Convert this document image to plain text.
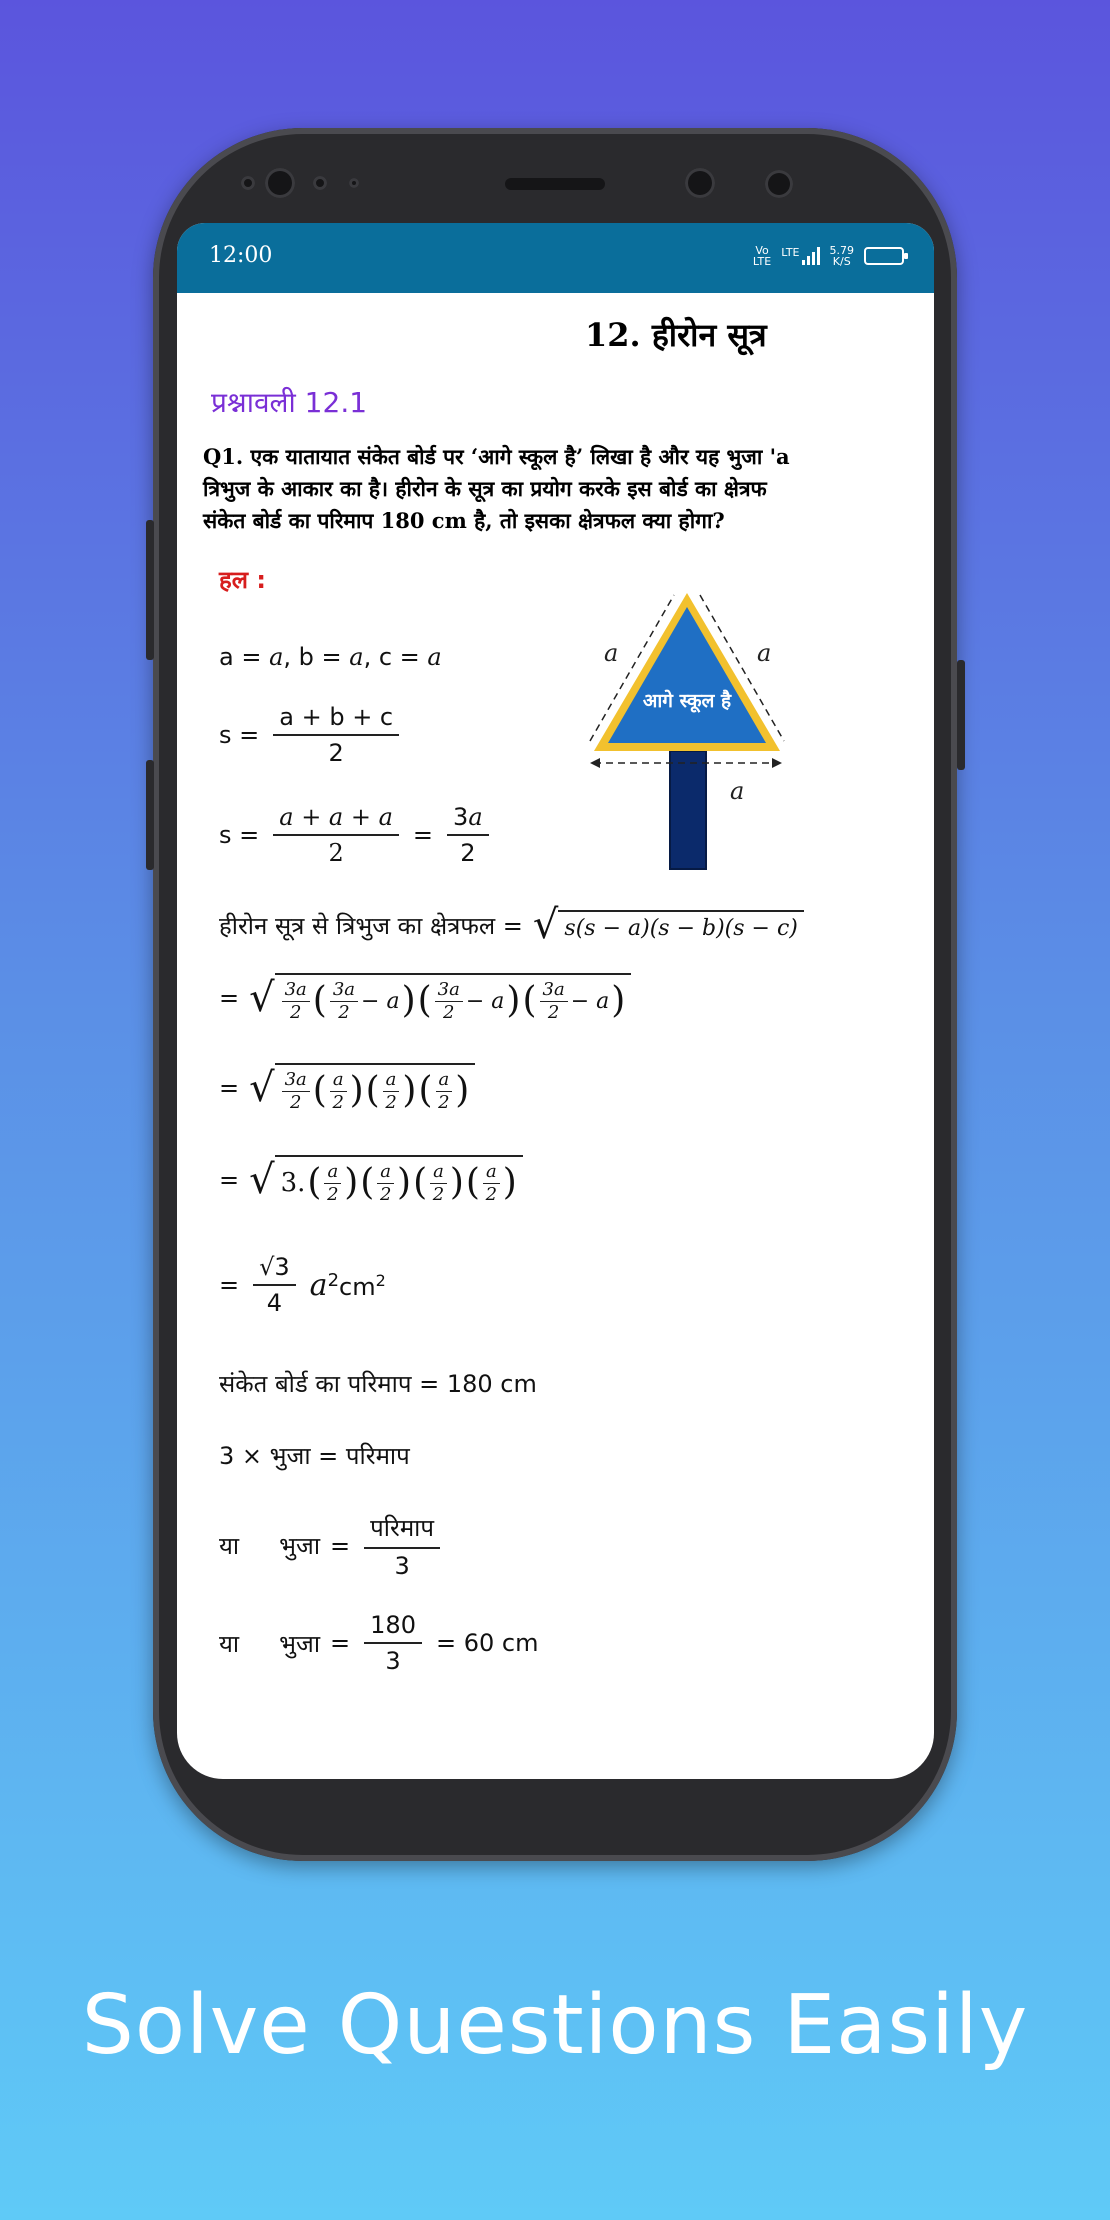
12:00	Vo
LTE
LTE	5.79
K/S
12. हीरोन सूत्र
प्रश्नावली 12.1
Q1. एक यातायात संकेत बोर्ड पर ‘आगे स्कूल है’ लिखा है और यह भुजा 'a
त्रिभुज के आकार का है। हीरोन के सूत्र का प्रयोग करके इस बोर्ड का क्षेत्रफ
संकेत बोर्ड का परिमाप 180 cm है, तो इसका क्षेत्रफल क्या होगा?
हल :
a = a, b = a, c = a
$s = \frac{a + b + c}{2}$
$s = \frac{a + a + a}{2} = \frac{3a}{2}$
आगे स्कूल है
a	a
a
हीरोन सूत्र से त्रिभुज का क्षेत्रफल = √ s(s − a)(s − b)(s − c)
= √ $\frac{3a}{2}$ ( $\frac{3a}{2} - a$ ) ( $\frac{3a}{2} - a$ ) ( $\frac{3a}{2} - a$ )
= √ $\frac{3a}{2}$ ( $\frac{a}{2}$ ) ( $\frac{a}{2}$ ) ( $\frac{a}{2}$ )
= √ 3. ( $\frac{a}{2}$ ) ( $\frac{a}{2}$ ) ( $\frac{a}{2}$ ) ( $\frac{a}{2}$ )
= $\frac{√3}{4} a^2cm^2$
संकेत बोर्ड का परिमाप = 180 cm
3 × भुजा = परिमाप
या भुजा = $\frac{\text{परिमाप}}{3}$
या भुजा = $\frac{180}{3} = 60$ cm
Solve Questions Easily
